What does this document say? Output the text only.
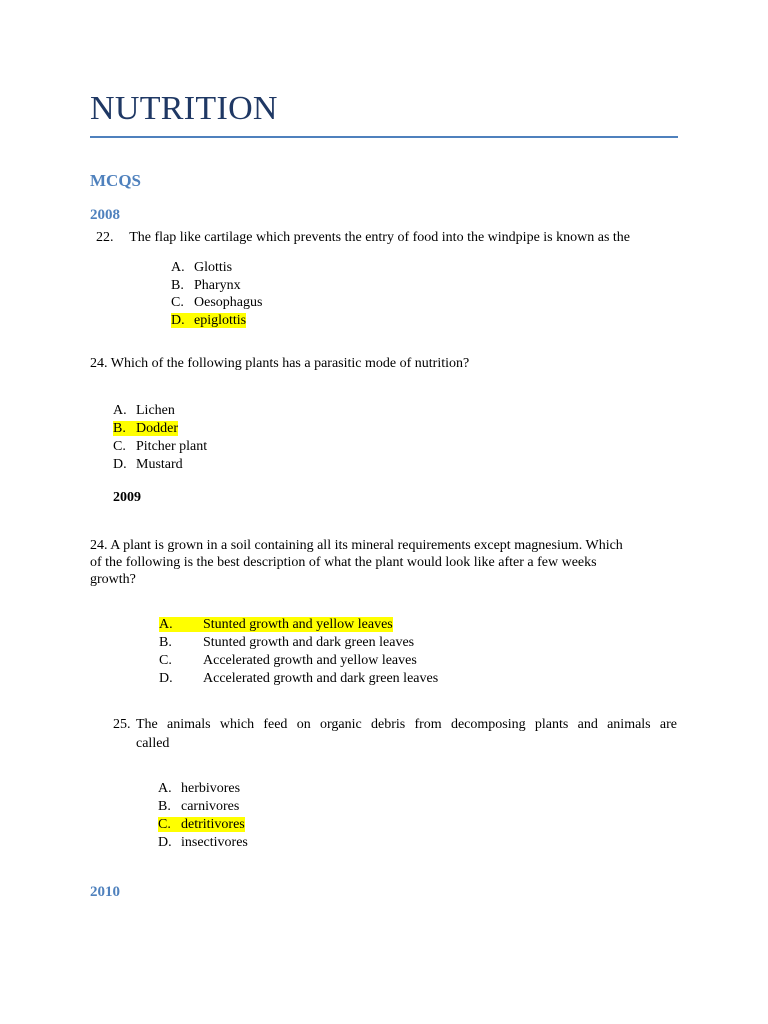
NUTRITION
MCQS
2008
22. The flap like cartilage which prevents the entry of food into the windpipe is known as the
A. Glottis
B. Pharynx
C. Oesophagus
D. epiglottis
24. Which of the following plants has a parasitic mode of nutrition?
A. Lichen
B. Dodder
C. Pitcher plant
D. Mustard
2009
24. A plant is grown in a soil containing all its mineral requirements except magnesium. Which
of the following is the best description of what the plant would look like after a few weeks
growth?
A. Stunted growth and yellow leaves
B. Stunted growth and dark green leaves
C. Accelerated growth and yellow leaves
D. Accelerated growth and dark green leaves
25. The animals which feed on organic debris from decomposing plants and animals are
called
A. herbivores
B. carnivores
C. detritivores
D. insectivores
2010
